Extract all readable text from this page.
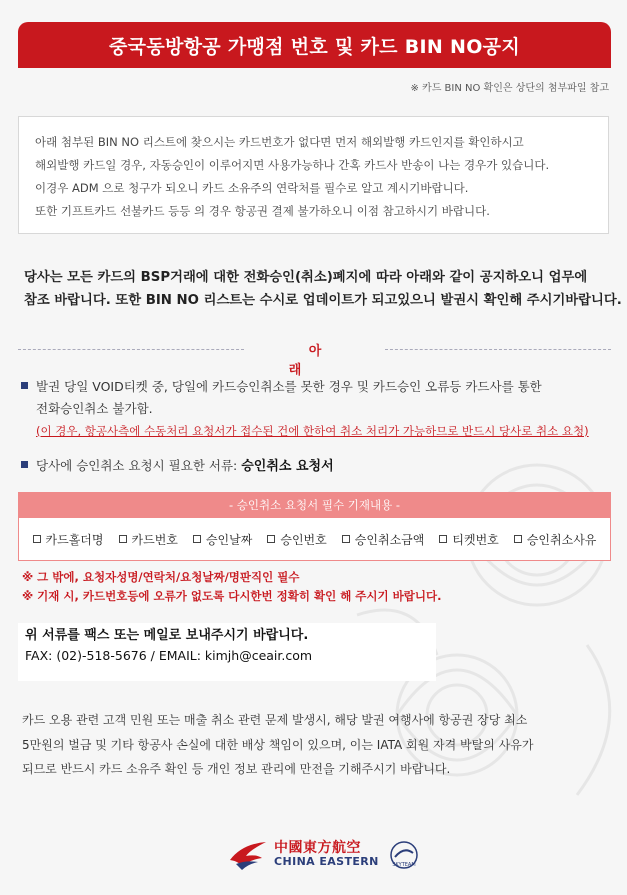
중국동방항공 가맹점 번호 및 카드 BIN NO공지
※ 카드 BIN NO 확인은 상단의 첨부파일 참고

아래 첨부된 BIN NO 리스트에 찾으시는 카드번호가 없다면 먼저 해외발행 카드인지를 확인하시고

해외발행 카드일 경우, 자동승인이 이루어지면 사용가능하나 간혹 카드사 반송이 나는 경우가 있습니다.

이경우 ADM 으로 청구가 되오니 카드 소유주의 연락처를 필수로 알고 계시기바랍니다.

또한 기프트카드 선불카드 등등 의 경우 항공권 결제 불가하오니 이점 참고하시기 바랍니다.

당사는 모든 카드의 BSP거래에 대한 전화승인(취소)폐지에 따라 아래와 같이 공지하오니 업무에

참조 바랍니다. 또한 BIN NO 리스트는 수시로 업데이트가 되고있으니 발권시 확인해 주시기바랍니다.

아래

발권 당일 VOID티켓 중, 당일에 카드승인취소를 못한 경우 및 카드승인 오류등 카드사를 통한

전화승인취소 불가함.

(이 경우, 항공사측에 수동처리 요청서가 접수된 건에 한하여 취소 처리가 가능하므로 반드시 당사로 취소 요청)

당사에 승인취소 요청시 필요한 서류: 승인취소 요청서
- 승인취소 요청서 필수 기재내용 -
카드홀더명 카드번호 승인날짜 승인번호 승인취소금액 티켓번호 승인취소사유

※ 그 밖에, 요청자성명/연락처/요청날짜/명판직인 필수

※ 기재 시, 카드번호등에 오류가 없도록 다시한번 정확히 확인 해 주시기 바랍니다.

위 서류를 팩스 또는 메일로 보내주시기 바랍니다.

FAX: (02)-518-5676 / EMAIL: kimjh@ceair.com

카드 오용 관련 고객 민원 또는 매출 취소 관련 문제 발생시, 해당 발권 여행사에 항공권 장당 최소

5만원의 벌금 및 기타 항공사 손실에 대한 배상 책임이 있으며, 이는 IATA 회원 자격 박탈의 사유가

되므로 반드시 카드 소유주 확인 등 개인 정보 관리에 만전을 기해주시기 바랍니다.

中國東方航空
CHINA EASTERN	SKYTEAM
